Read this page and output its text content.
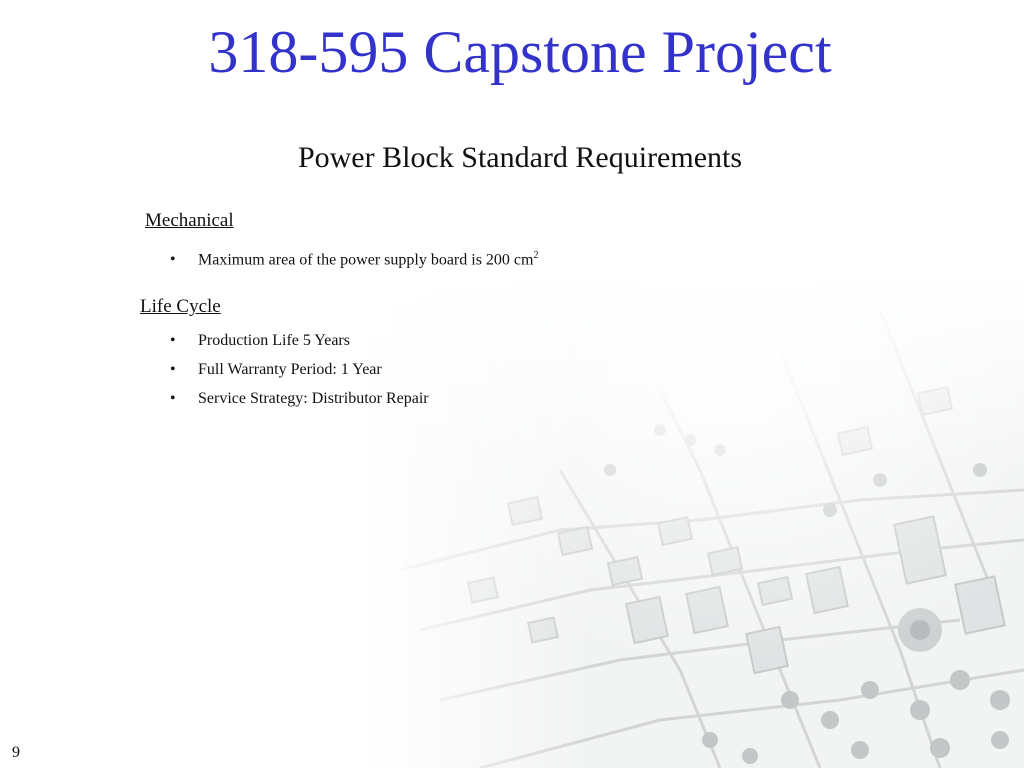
318-595 Capstone Project
Power Block Standard Requirements
Mechanical
• Maximum area of the power supply board is 200 $cm^2$
Life Cycle
• Production Life 5 Years
• Full Warranty Period: 1 Year
• Service Strategy: Distributor Repair
9
